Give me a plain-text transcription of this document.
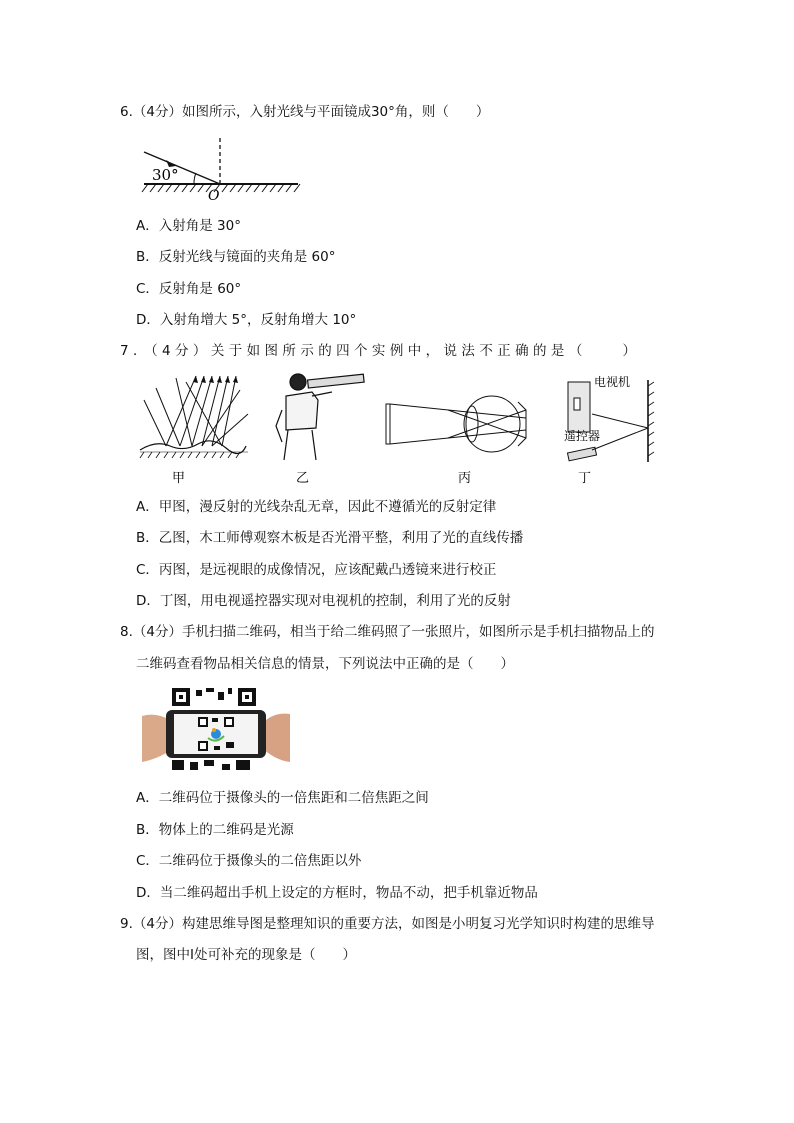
6.（4分）如图所示，入射光线与平面镜成30°角，则（　　）
30°
O
A．入射角是 30°
B．反射光线与镜面的夹角是 60°
C．反射角是 60°
D．入射角增大 5°，反射角增大 10°
7．（4分）关于如图所示的四个实例中，说法不正确的是（　　）
甲	乙	丙
电视机
遥控器
丁
A．甲图，漫反射的光线杂乱无章，因此不遵循光的反射定律
B．乙图，木工师傅观察木板是否光滑平整，利用了光的直线传播
C．丙图，是远视眼的成像情况，应该配戴凸透镜来进行校正
D．丁图，用电视遥控器实现对电视机的控制，利用了光的反射
8.（4分）手机扫描二维码，相当于给二维码照了一张照片，如图所示是手机扫描物品上的
二维码查看物品相关信息的情景，下列说法中正确的是（　　）
A．二维码位于摄像头的一倍焦距和二倍焦距之间
B．物体上的二维码是光源
C．二维码位于摄像头的二倍焦距以外
D．当二维码超出手机上设定的方框时，物品不动，把手机靠近物品
9.（4分）构建思维导图是整理知识的重要方法，如图是小明复习光学知识时构建的思维导
图，图中Ⅰ处可补充的现象是（　　）
